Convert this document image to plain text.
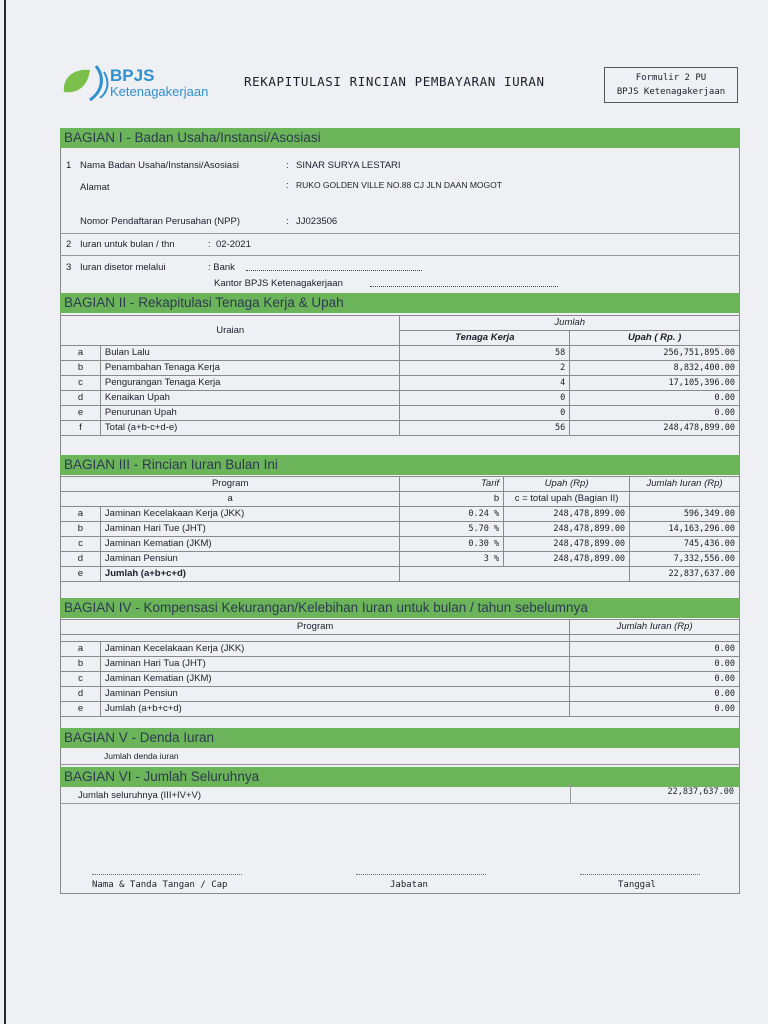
BPJS
Ketenagakerjaan
REKAPITULASI RINCIAN PEMBAYARAN IURAN	Formulir 2 PU
BPJS Ketenagakerjaan
BAGIAN I - Badan Usaha/Instansi/Asosiasi
1 Nama Badan Usaha/Instansi/Asosiasi	: SINAR SURYA LESTARI
Alamat	: RUKO GOLDEN VILLE NO.88 CJ JLN DAAN MOGOT
Nomor Pendaftaran Perusahan (NPP)	: JJ023506
2 Iuran untuk bulan / thn	: 02-2021
3 Iuran disetor melalui	: Bank
Kantor BPJS Ketenagakerjaan
BAGIAN II - Rekapitulasi Tenaga Kerja & Upah
Uraian		Jumlah	
		Tenaga Kerja	Upah ( Rp. )
a	Bulan Lalu	58	256,751,895.00
b	Penambahan Tenaga Kerja	2	8,832,400.00
c	Pengurangan Tenaga Kerja	4	17,105,396.00
d	Kenaikan Upah	0	0.00
e	Penurunan Upah	0	0.00
f	Total (a+b-c+d-e)	56	248,478,899.00
BAGIAN III - Rincian Iuran Bulan Ini
Program		Tarif	Upah (Rp)	Jumlah Iuran (Rp)
a		b	c = total upah (Bagian II)	
a	Jaminan Kecelakaan Kerja (JKK)	0.24 %	248,478,899.00	596,349.00
b	Jaminan Hari Tue (JHT)	5.70 %	248,478,899.00	14,163,296.00
c	Jaminan Kematian (JKM)	0.30 %	248,478,899.00	745,436.00
d	Jaminan Pensiun	3 %	248,478,899.00	7,332,556.00
e	Jumlah (a+b+c+d)			22,837,637.00
BAGIAN IV - Kompensasi Kekurangan/Kelebihan Iuran untuk bulan / tahun sebelumnya
Program		Jumlah Iuran (Rp)

a	Jaminan Kecelakaan Kerja (JKK)	0.00
b	Jaminan Hari Tua (JHT)	0.00
c	Jaminan Kematian (JKM)	0.00
d	Jaminan Pensiun	0.00
e	Jumlah (a+b+c+d)	0.00
BAGIAN V - Denda Iuran
Jumlah denda iuran
BAGIAN VI - Jumlah Seluruhnya
Jumlah seluruhnya (III+IV+V)	22,837,637.00
Nama & Tanda Tangan / Cap	Jabatan	Tanggal
